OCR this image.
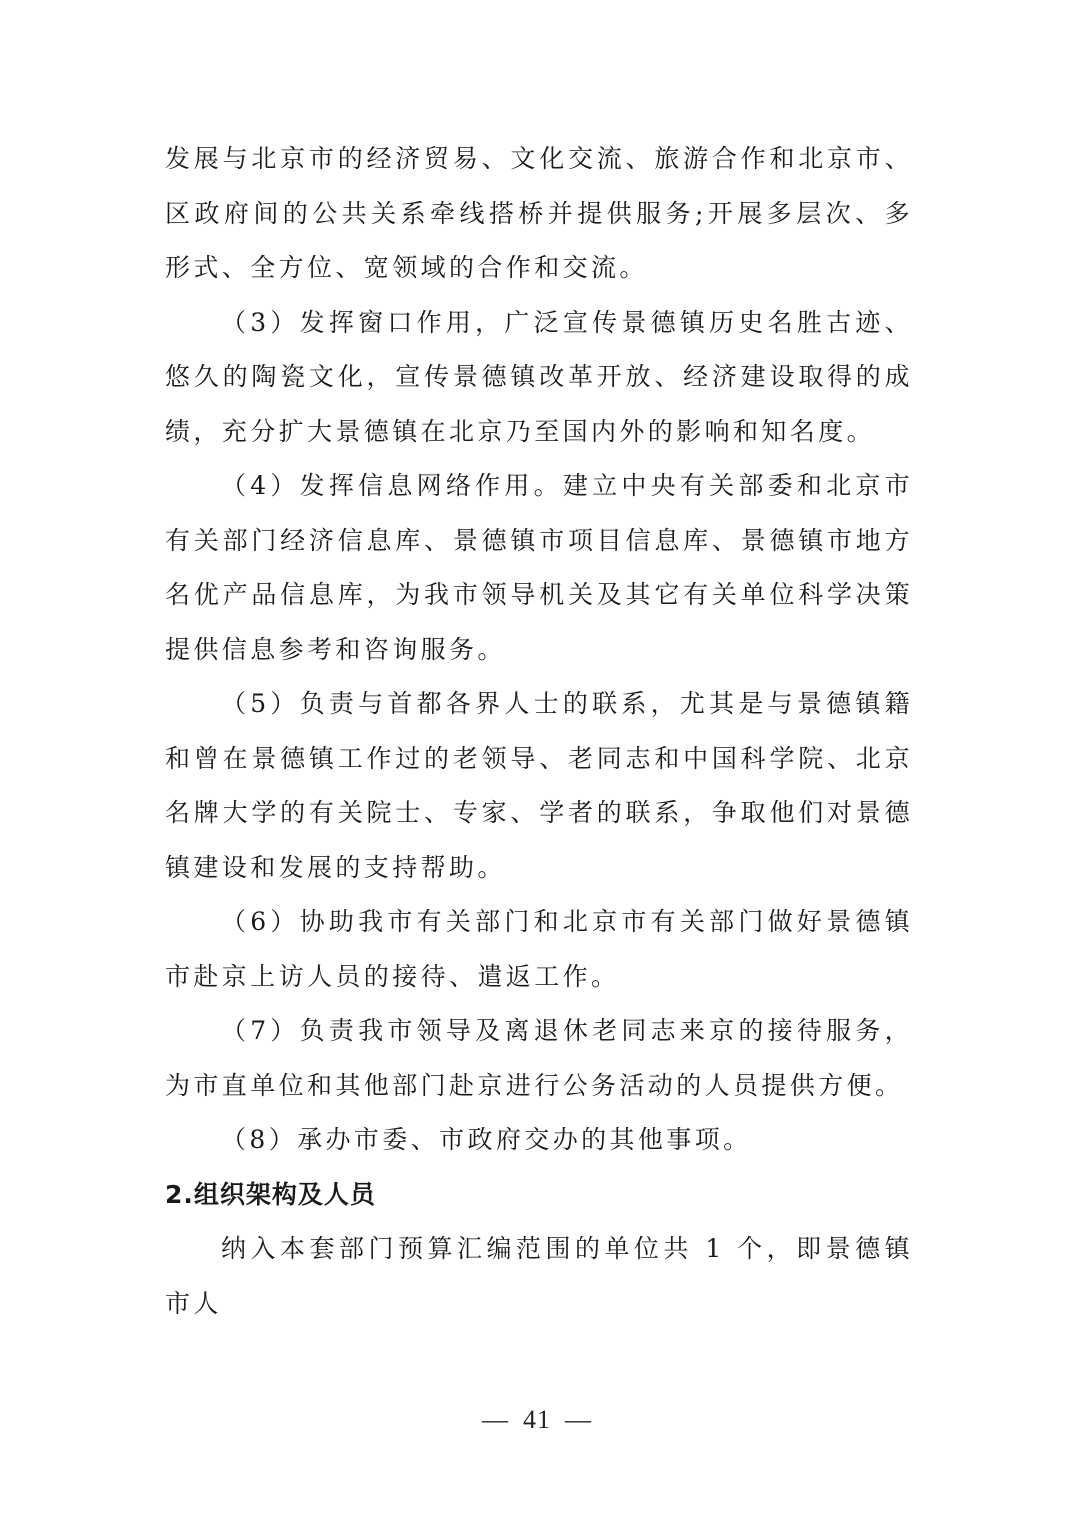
发展与北京市的经济贸易、文化交流、旅游合作和北京市、区政府间的公共关系牵线搭桥并提供服务;开展多层次、多形式、全方位、宽领域的合作和交流。

（3）发挥窗口作用，广泛宣传景德镇历史名胜古迹、悠久的陶瓷文化，宣传景德镇改革开放、经济建设取得的成绩，充分扩大景德镇在北京乃至国内外的影响和知名度。

（4）发挥信息网络作用。建立中央有关部委和北京市有关部门经济信息库、景德镇市项目信息库、景德镇市地方名优产品信息库，为我市领导机关及其它有关单位科学决策提供信息参考和咨询服务。

（5）负责与首都各界人士的联系，尤其是与景德镇籍和曾在景德镇工作过的老领导、老同志和中国科学院、北京名牌大学的有关院士、专家、学者的联系，争取他们对景德镇建设和发展的支持帮助。

（6）协助我市有关部门和北京市有关部门做好景德镇市赴京上访人员的接待、遣返工作。

（7）负责我市领导及离退休老同志来京的接待服务，为市直单位和其他部门赴京进行公务活动的人员提供方便。

（8）承办市委、市政府交办的其他事项。

2.组织架构及人员

纳入本套部门预算汇编范围的单位共 1 个，即景德镇市人

— 41 —
